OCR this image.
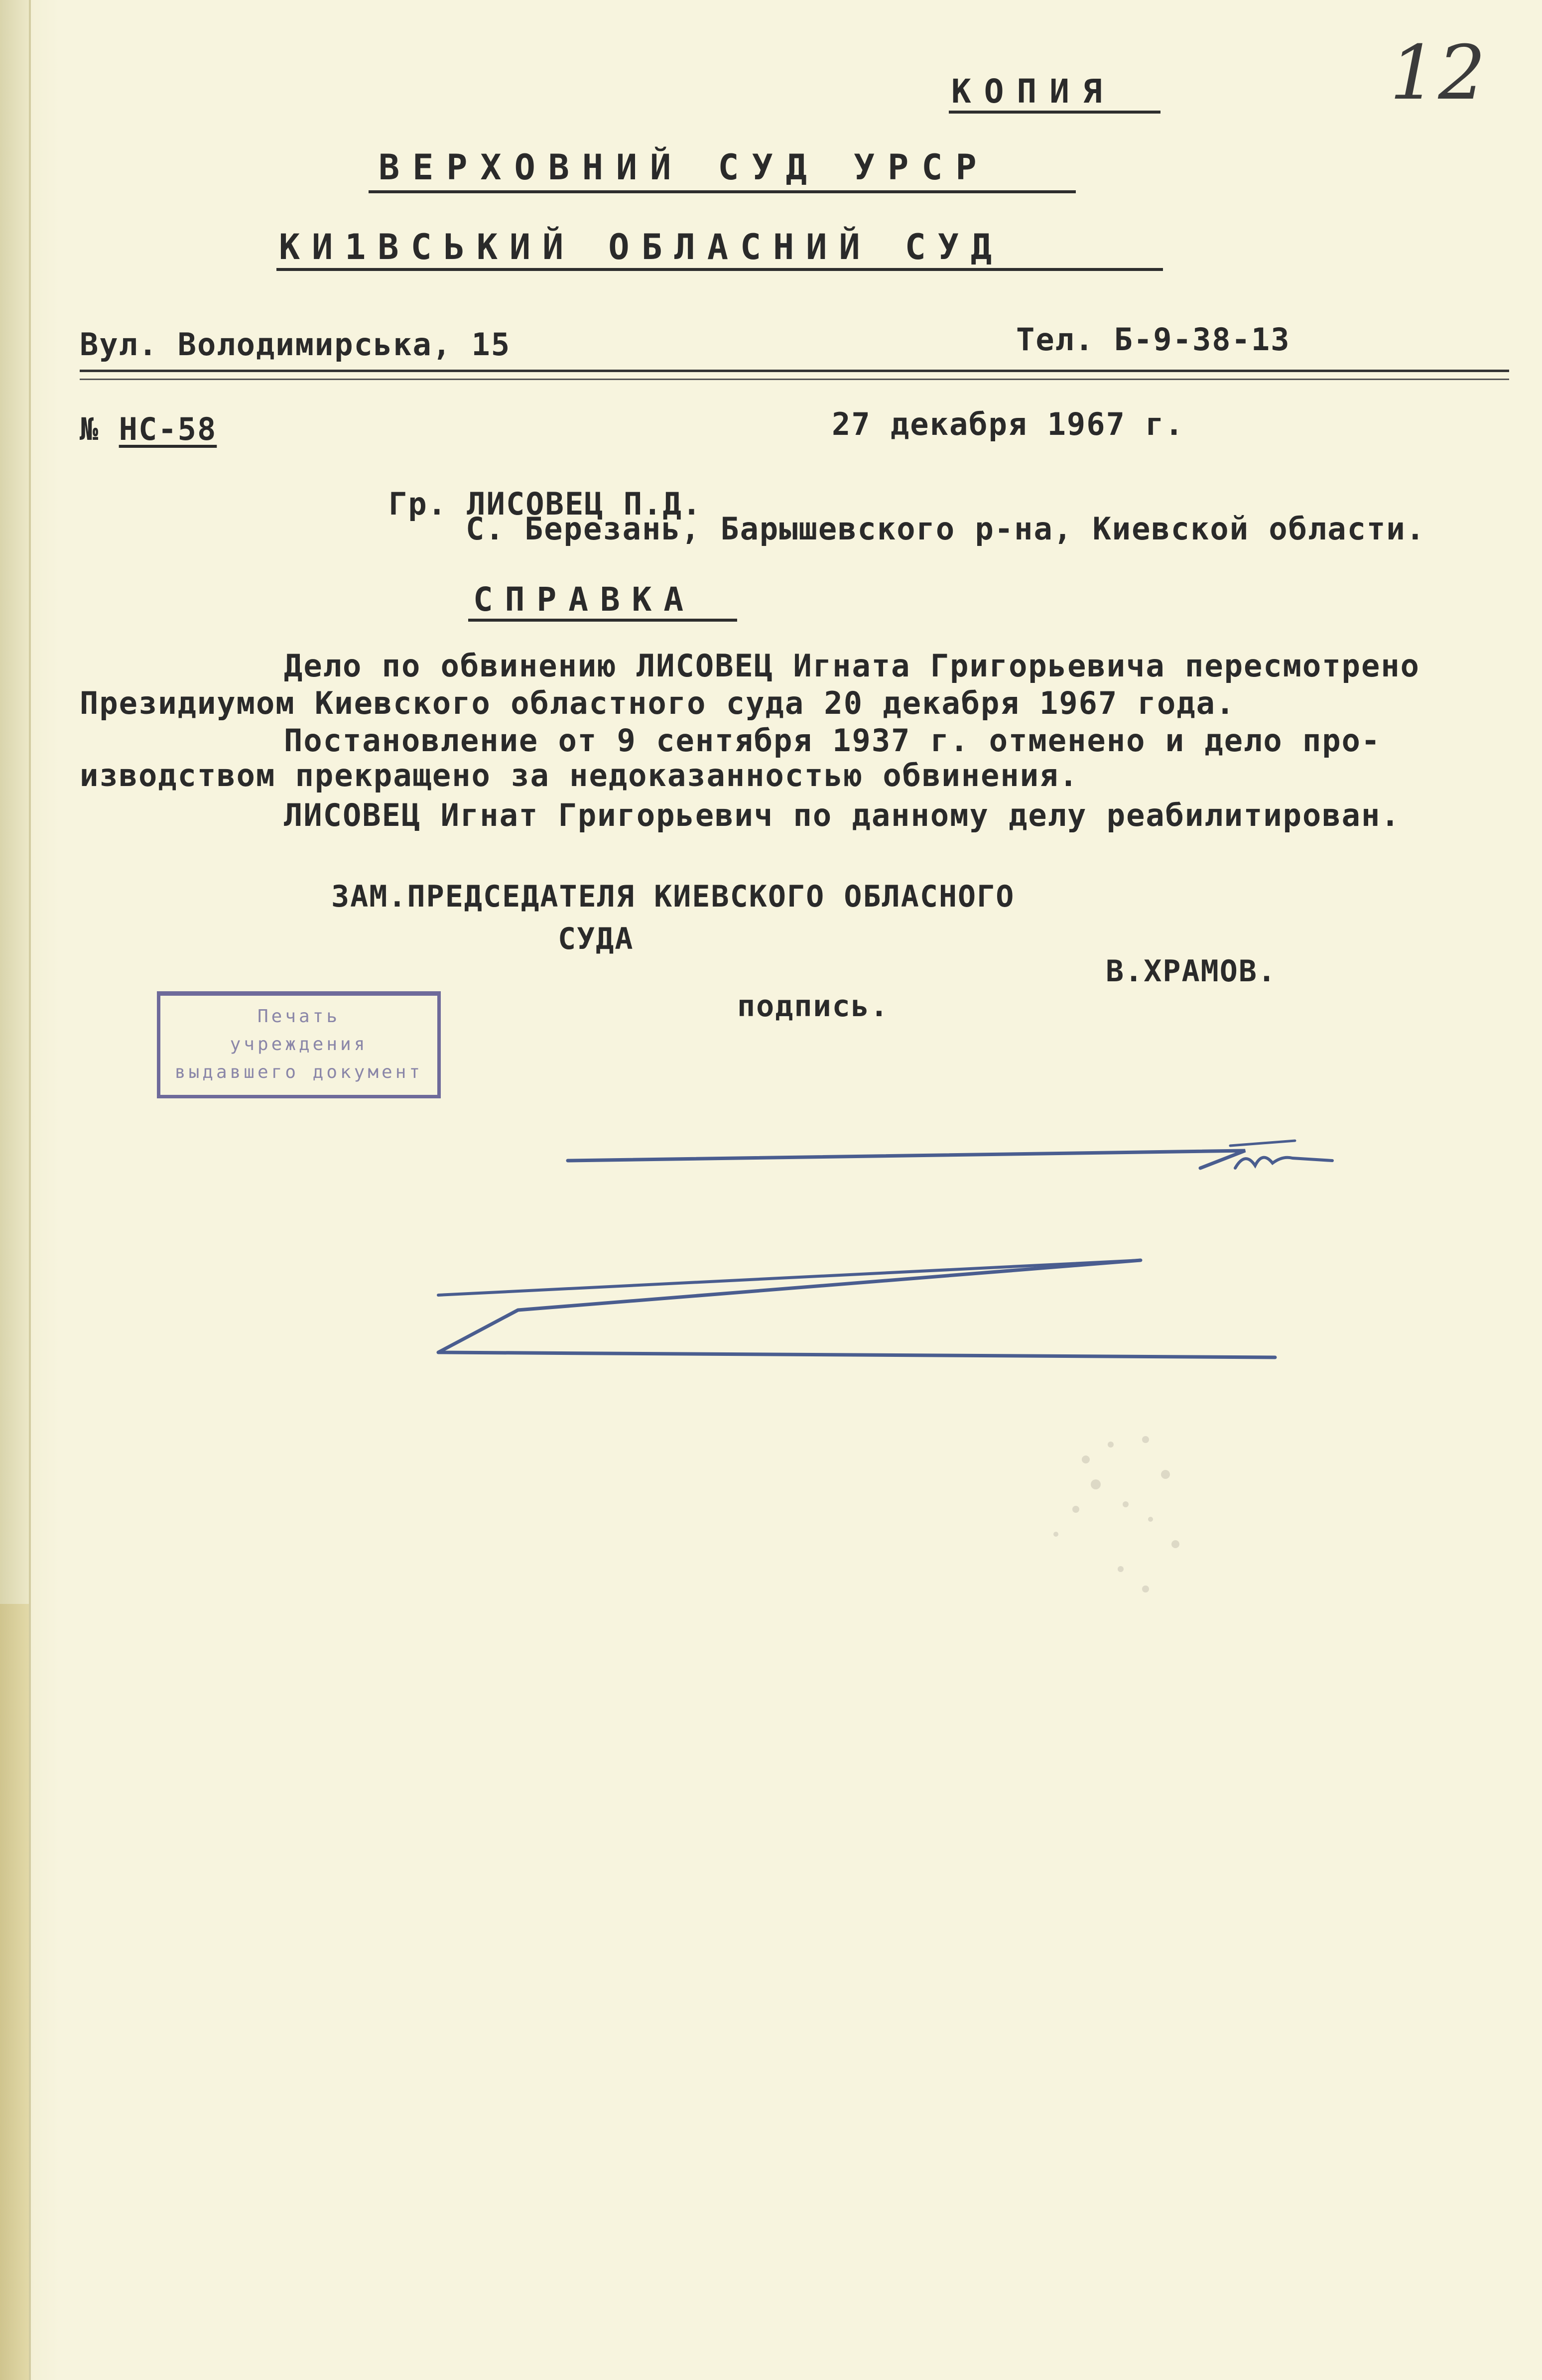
12
КОПИЯ
ВЕРХОВНИЙ СУД УРСР
КИ1ВСЬКИЙ ОБЛАСНИЙ СУД
Вул. Володимирська, 15	Тел. Б-9-38-13
№ НС-58	27 декабря 1967 г.
Гр. ЛИСОВЕЦ П.Д.
С. Березань, Барышевского р-на, Киевской области.
СПРАВКА
Дело по обвинению ЛИСОВЕЦ Игната Григорьевича пересмотрено
Президиумом Киевского областного суда 20 декабря 1967 года.
Постановление от 9 сентября 1937 г. отменено и дело про-
изводством прекращено за недоказанностью обвинения.
ЛИСОВЕЦ Игнат Григорьевич по данному делу реабилитирован.
ЗАМ.ПРЕДСЕДАТЕЛЯ КИЕВСКОГО ОБЛАСНОГО
СУДА
В.ХРАМОВ.
подпись.
Печать
учреждения
выдавшего документ
